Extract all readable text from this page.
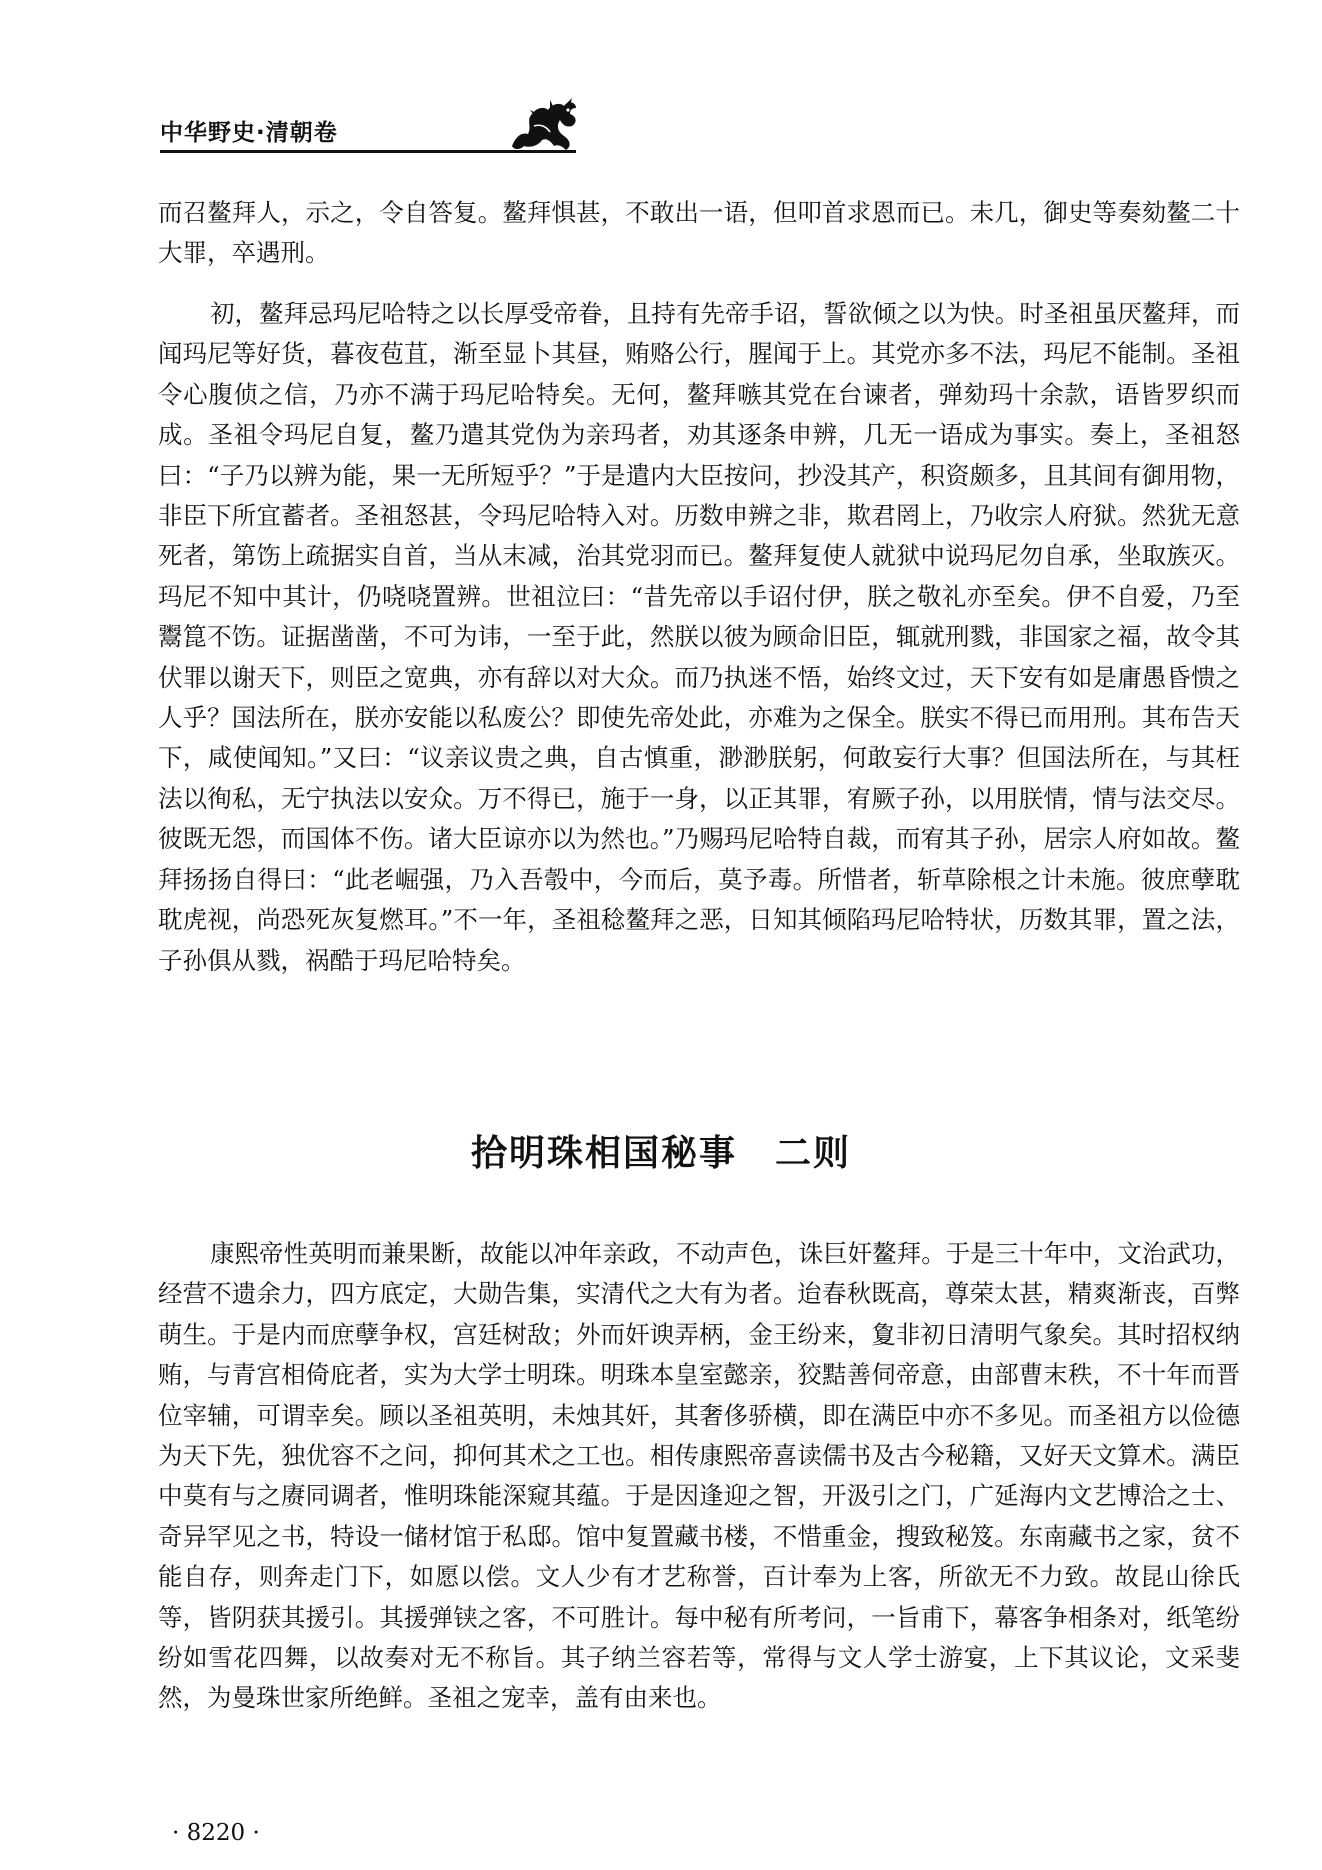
中华野史·清朝卷

而召鳌拜人，示之，令自答复。鳌拜惧甚，不敢出一语，但叩首求恩而已。未几，御史等奏劾鳌二十大罪，卒遇刑。

初，鳌拜忌玛尼哈特之以长厚受帝眷，且持有先帝手诏，誓欲倾之以为快。时圣祖虽厌鳌拜，而闻玛尼等好货，暮夜苞苴，渐至显卜其昼，贿赂公行，腥闻于上。其党亦多不法，玛尼不能制。圣祖令心腹侦之信，乃亦不满于玛尼哈特矣。无何，鳌拜嗾其党在台谏者，弹劾玛十余款，语皆罗织而成。圣祖令玛尼自复，鳌乃遣其党伪为亲玛者，劝其逐条申辨，几无一语成为事实。奏上，圣祖怒曰：“子乃以辨为能，果一无所短乎？”于是遣内大臣按问，抄没其产，积资颇多，且其间有御用物，非臣下所宜蓄者。圣祖怒甚，令玛尼哈特入对。历数申辨之非，欺君罔上，乃收宗人府狱。然犹无意死者，第饬上疏据实自首，当从末减，治其党羽而已。鳌拜复使人就狱中说玛尼勿自承，坐取族灭。玛尼不知中其计，仍哓哓置辨。世祖泣曰：“昔先帝以手诏付伊，朕之敬礼亦至矣。伊不自爱，乃至鬻箟不饬。证据凿凿，不可为讳，一至于此，然朕以彼为顾命旧臣，辄就刑戮，非国家之福，故令其伏罪以谢天下，则臣之宽典，亦有辞以对大众。而乃执迷不悟，始终文过，天下安有如是庸愚昏愦之人乎？国法所在，朕亦安能以私废公？即使先帝处此，亦难为之保全。朕实不得已而用刑。其布告天下，咸使闻知。”又曰：“议亲议贵之典，自古慎重，渺渺朕躬，何敢妄行大事？但国法所在，与其枉法以徇私，无宁执法以安众。万不得已，施于一身，以正其罪，宥厥子孙，以用朕情，情与法交尽。彼既无怨，而国体不伤。诸大臣谅亦以为然也。”乃赐玛尼哈特自裁，而宥其子孙，居宗人府如故。鳌拜扬扬自得曰：“此老崛强，乃入吾彀中，今而后，莫予毒。所惜者，斩草除根之计未施。彼庶孽耽耽虎视，尚恐死灰复燃耳。”不一年，圣祖稔鳌拜之恶，日知其倾陷玛尼哈特状，历数其罪，置之法，子孙俱从戮，祸酷于玛尼哈特矣。

拾明珠相国秘事　二则

康熙帝性英明而兼果断，故能以冲年亲政，不动声色，诛巨奸鳌拜。于是三十年中，文治武功，经营不遗余力，四方底定，大勋告集，实清代之大有为者。迨春秋既高，尊荣太甚，精爽渐丧，百弊萌生。于是内而庶孽争权，宫廷树敌；外而奸谀弄柄，金王纷来，夐非初日清明气象矣。其时招权纳贿，与青宫相倚庇者，实为大学士明珠。明珠本皇室懿亲，狡黠善伺帝意，由部曹末秩，不十年而晋位宰辅，可谓幸矣。顾以圣祖英明，未烛其奸，其奢侈骄横，即在满臣中亦不多见。而圣祖方以俭德为天下先，独优容不之问，抑何其术之工也。相传康熙帝喜读儒书及古今秘籍，又好天文算术。满臣中莫有与之赓同调者，惟明珠能深窥其蕴。于是因逢迎之智，开汲引之门，广延海内文艺博洽之士、奇异罕见之书，特设一储材馆于私邸。馆中复置藏书楼，不惜重金，搜致秘笈。东南藏书之家，贫不能自存，则奔走门下，如愿以偿。文人少有才艺称誉，百计奉为上客，所欲无不力致。故昆山徐氏等，皆阴获其援引。其援弹铗之客，不可胜计。每中秘有所考问，一旨甫下，幕客争相条对，纸笔纷纷如雪花四舞，以故奏对无不称旨。其子纳兰容若等，常得与文人学士游宴，上下其议论，文采斐然，为曼珠世家所绝鲜。圣祖之宠幸，盖有由来也。

· 8220 ·
